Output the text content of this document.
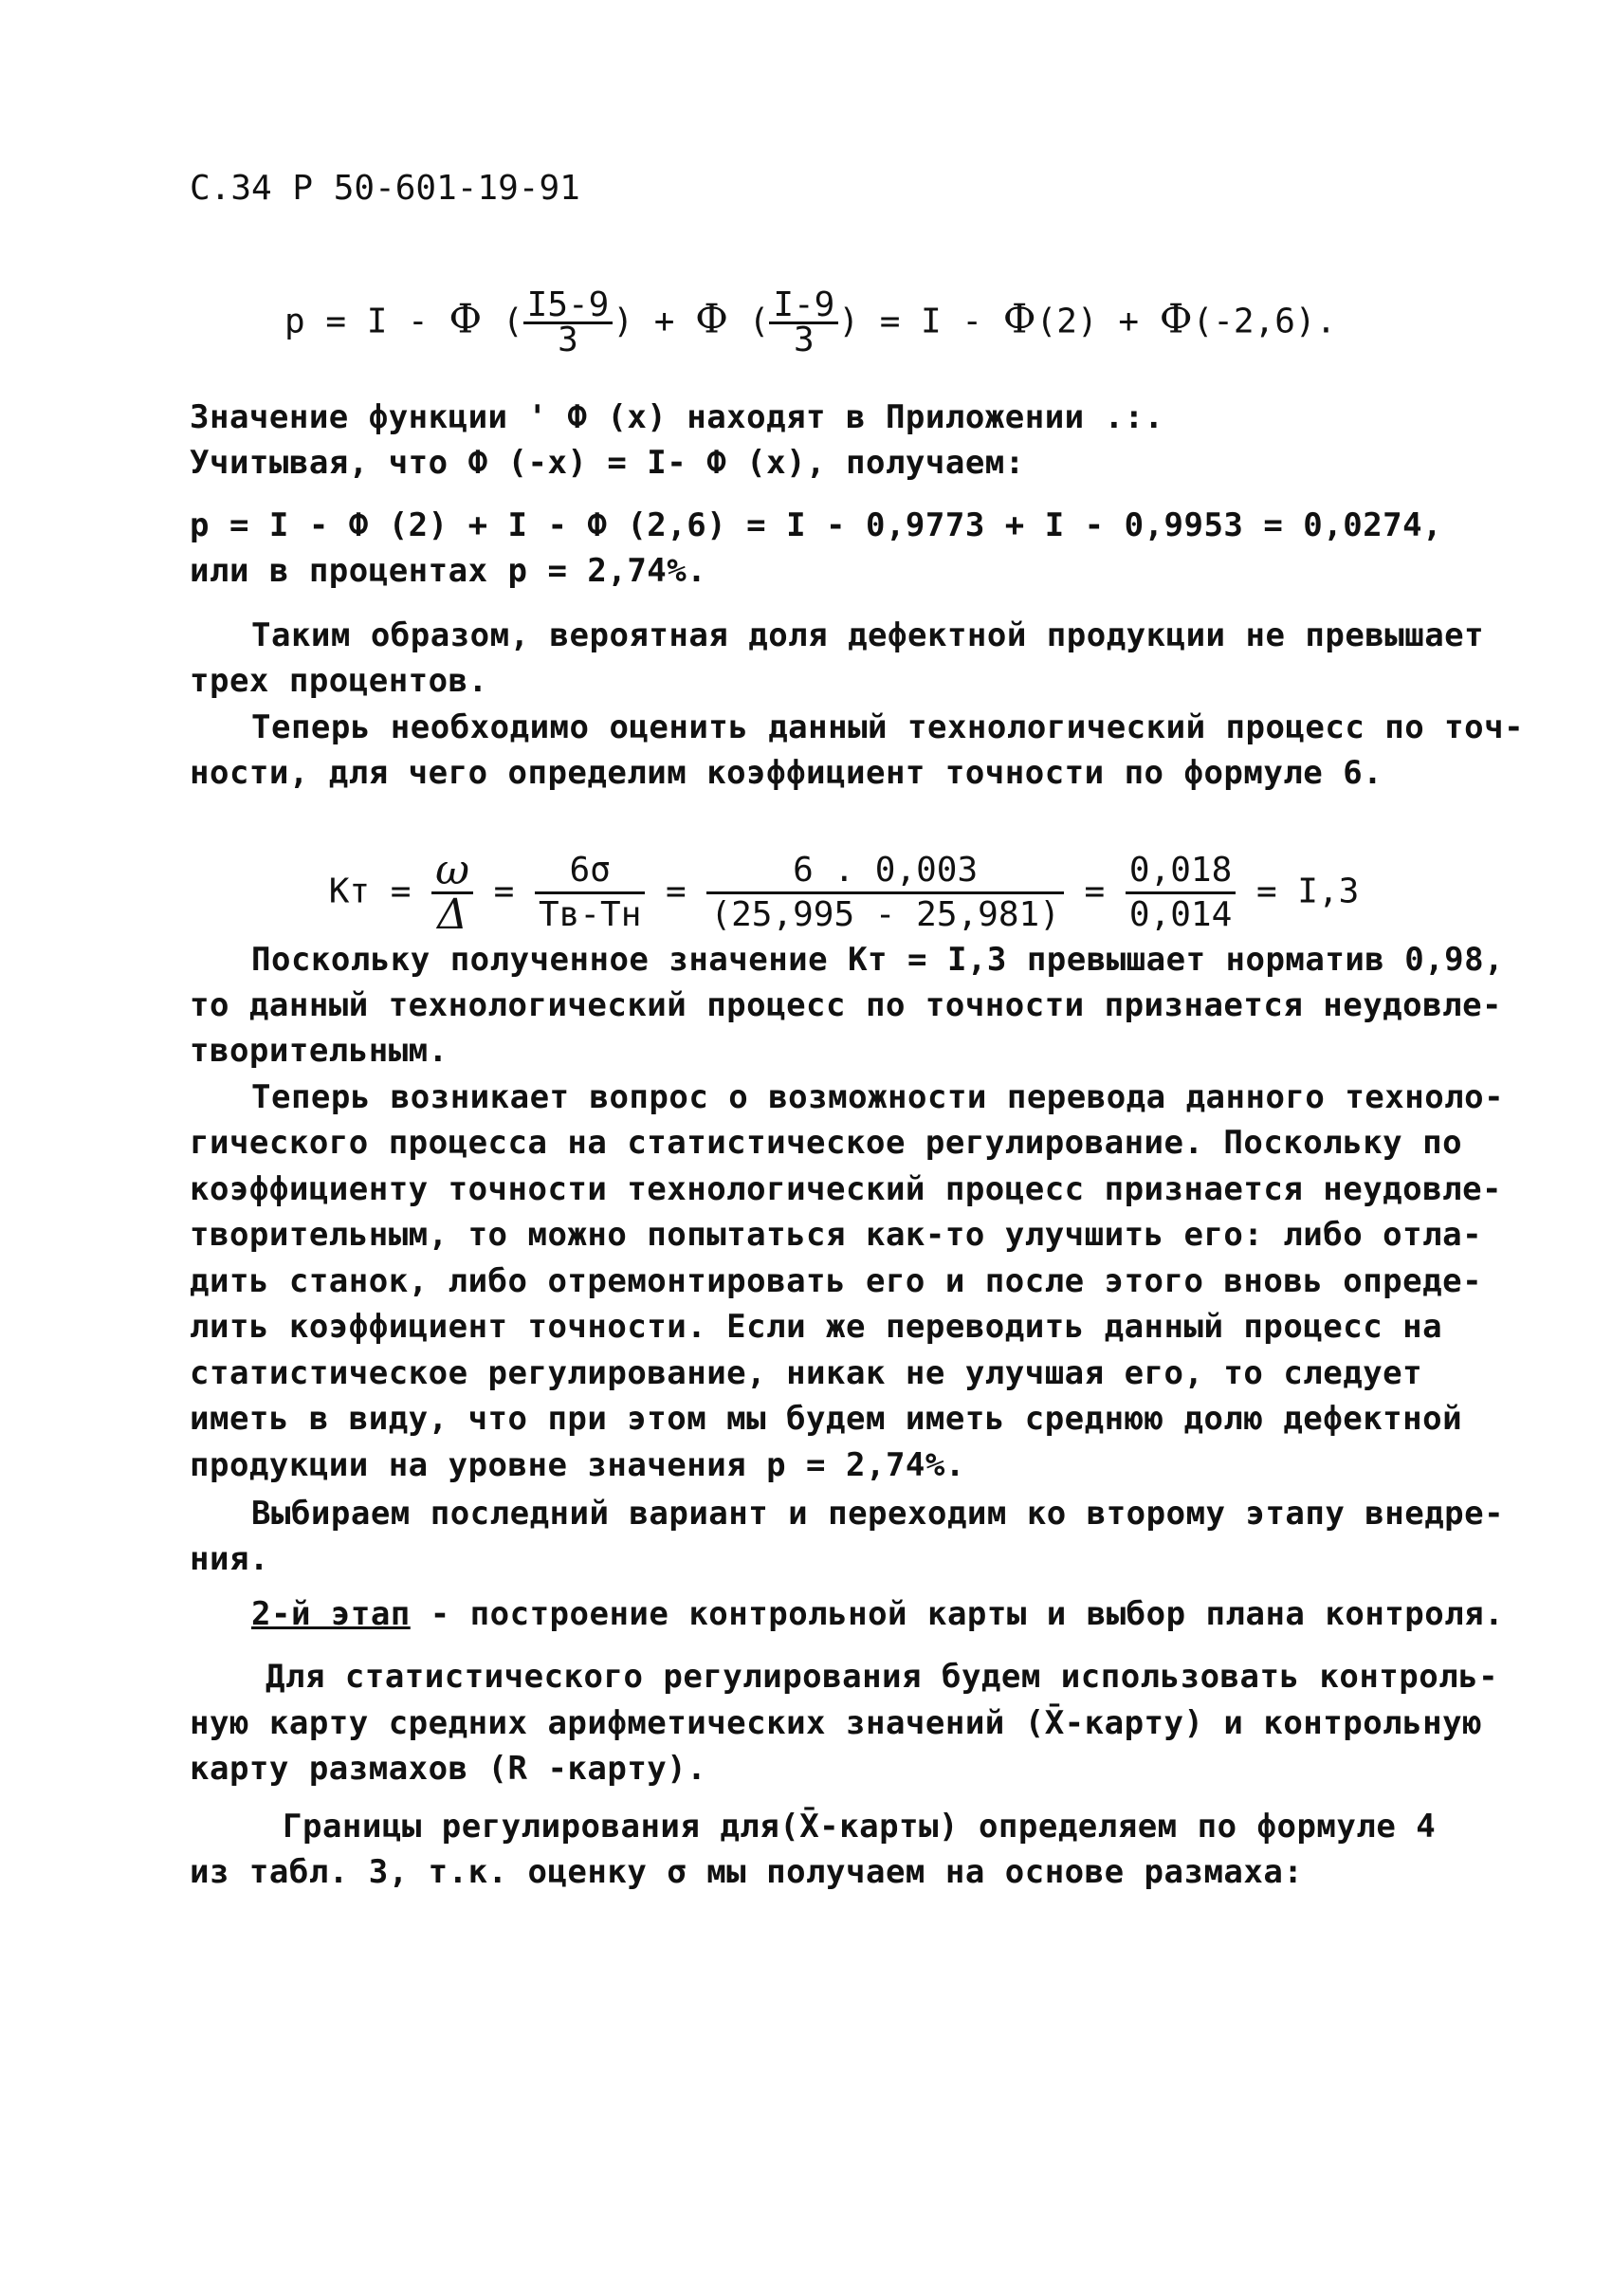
С.34 Р 50-601-19-91
p = I - Ф ( $\frac{I5-9}{3}$ ) + Ф ( $\frac{I-9}{3}$ ) = I - Ф(2) + Ф(-2,6).
Значение функции ' Ф (x) находят в Приложении .:.
Учитывая, что Ф (-x) = I- Ф (x), получаем:
p = I - Ф (2) + I - Ф (2,6) = I - 0,9773 + I - 0,9953 = 0,0274,
или в процентах p = 2,74%.
Таким образом, вероятная доля дефектной продукции не превышает
трех процентов.
Теперь необходимо оценить данный технологический процесс по точ-
ности, для чего определим коэффициент точности по формуле 6.

Кт = $\frac{\omega}{\Delta} = \frac{6\sigma}{Тв-Тн} = \frac{6 . 0,003}{(25,995 - 25,981)} = \frac{0,018}{0,014} = I,3$

Поскольку полученное значение Кт = I,3 превышает норматив 0,98,
то данный технологический процесс по точности признается неудовле-
творительным.
Теперь возникает вопрос о возможности перевода данного техноло-
гического процесса на статистическое регулирование. Поскольку по
коэффициенту точности технологический процесс признается неудовле-
творительным, то можно попытаться как-то улучшить его: либо отла-
дить станок, либо отремонтировать его и после этого вновь опреде-
лить коэффициент точности. Если же переводить данный процесс на
статистическое регулирование, никак не улучшая его, то следует
иметь в виду, что при этом мы будем иметь среднюю долю дефектной
продукции на уровне значения p = 2,74%.
Выбираем последний вариант и переходим ко второму этапу внедре-
ния.
2-й этап - построение контрольной карты и выбор плана контроля.
Для статистического регулирования будем использовать контроль-
ную карту средних арифметических значений (X̄-карту) и контрольную
карту размахов (R -карту).
Границы регулирования для(X̄-карты) определяем по формуле 4
из табл. 3, т.к. оценку σ мы получаем на основе размаха:
